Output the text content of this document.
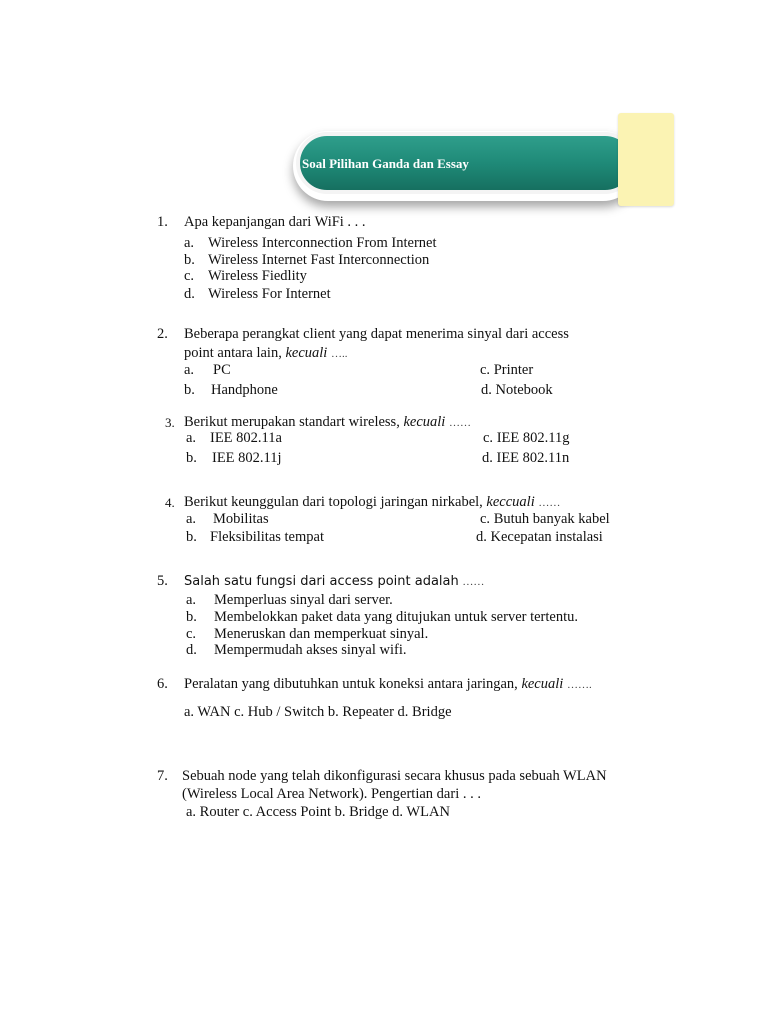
Soal Pilihan Ganda dan Essay
1. Apa kepanjangan dari WiFi . . .
a. Wireless Interconnection From Internet
b. Wireless Internet Fast Interconnection
c. Wireless Fiedlity
d. Wireless For Internet
2. Beberapa perangkat client yang dapat menerima sinyal dari access
point antara lain, kecuali …..
a. PC	c. Printer
b. Handphone	d. Notebook
3. Berikut merupakan standart wireless, kecuali ……
a. IEE 802.11a	c. IEE 802.11g
b. IEE 802.11j	d. IEE 802.11n
4. Berikut keunggulan dari topologi jaringan nirkabel, keccuali ……
a. Mobilitas	c. Butuh banyak kabel
b. Fleksibilitas tempat	d. Kecepatan instalasi
5. Salah satu fungsi dari access point adalah ……
a. Memperluas sinyal dari server.
b. Membelokkan paket data yang ditujukan untuk server tertentu.
c. Meneruskan dan memperkuat sinyal.
d. Mempermudah akses sinyal wifi.
6. Peralatan yang dibutuhkan untuk koneksi antara jaringan, kecuali …….
a. WAN c. Hub / Switch b. Repeater d. Bridge
7. Sebuah node yang telah dikonfigurasi secara khusus pada sebuah WLAN
(Wireless Local Area Network). Pengertian dari . . .
a. Router c. Access Point b. Bridge d. WLAN
